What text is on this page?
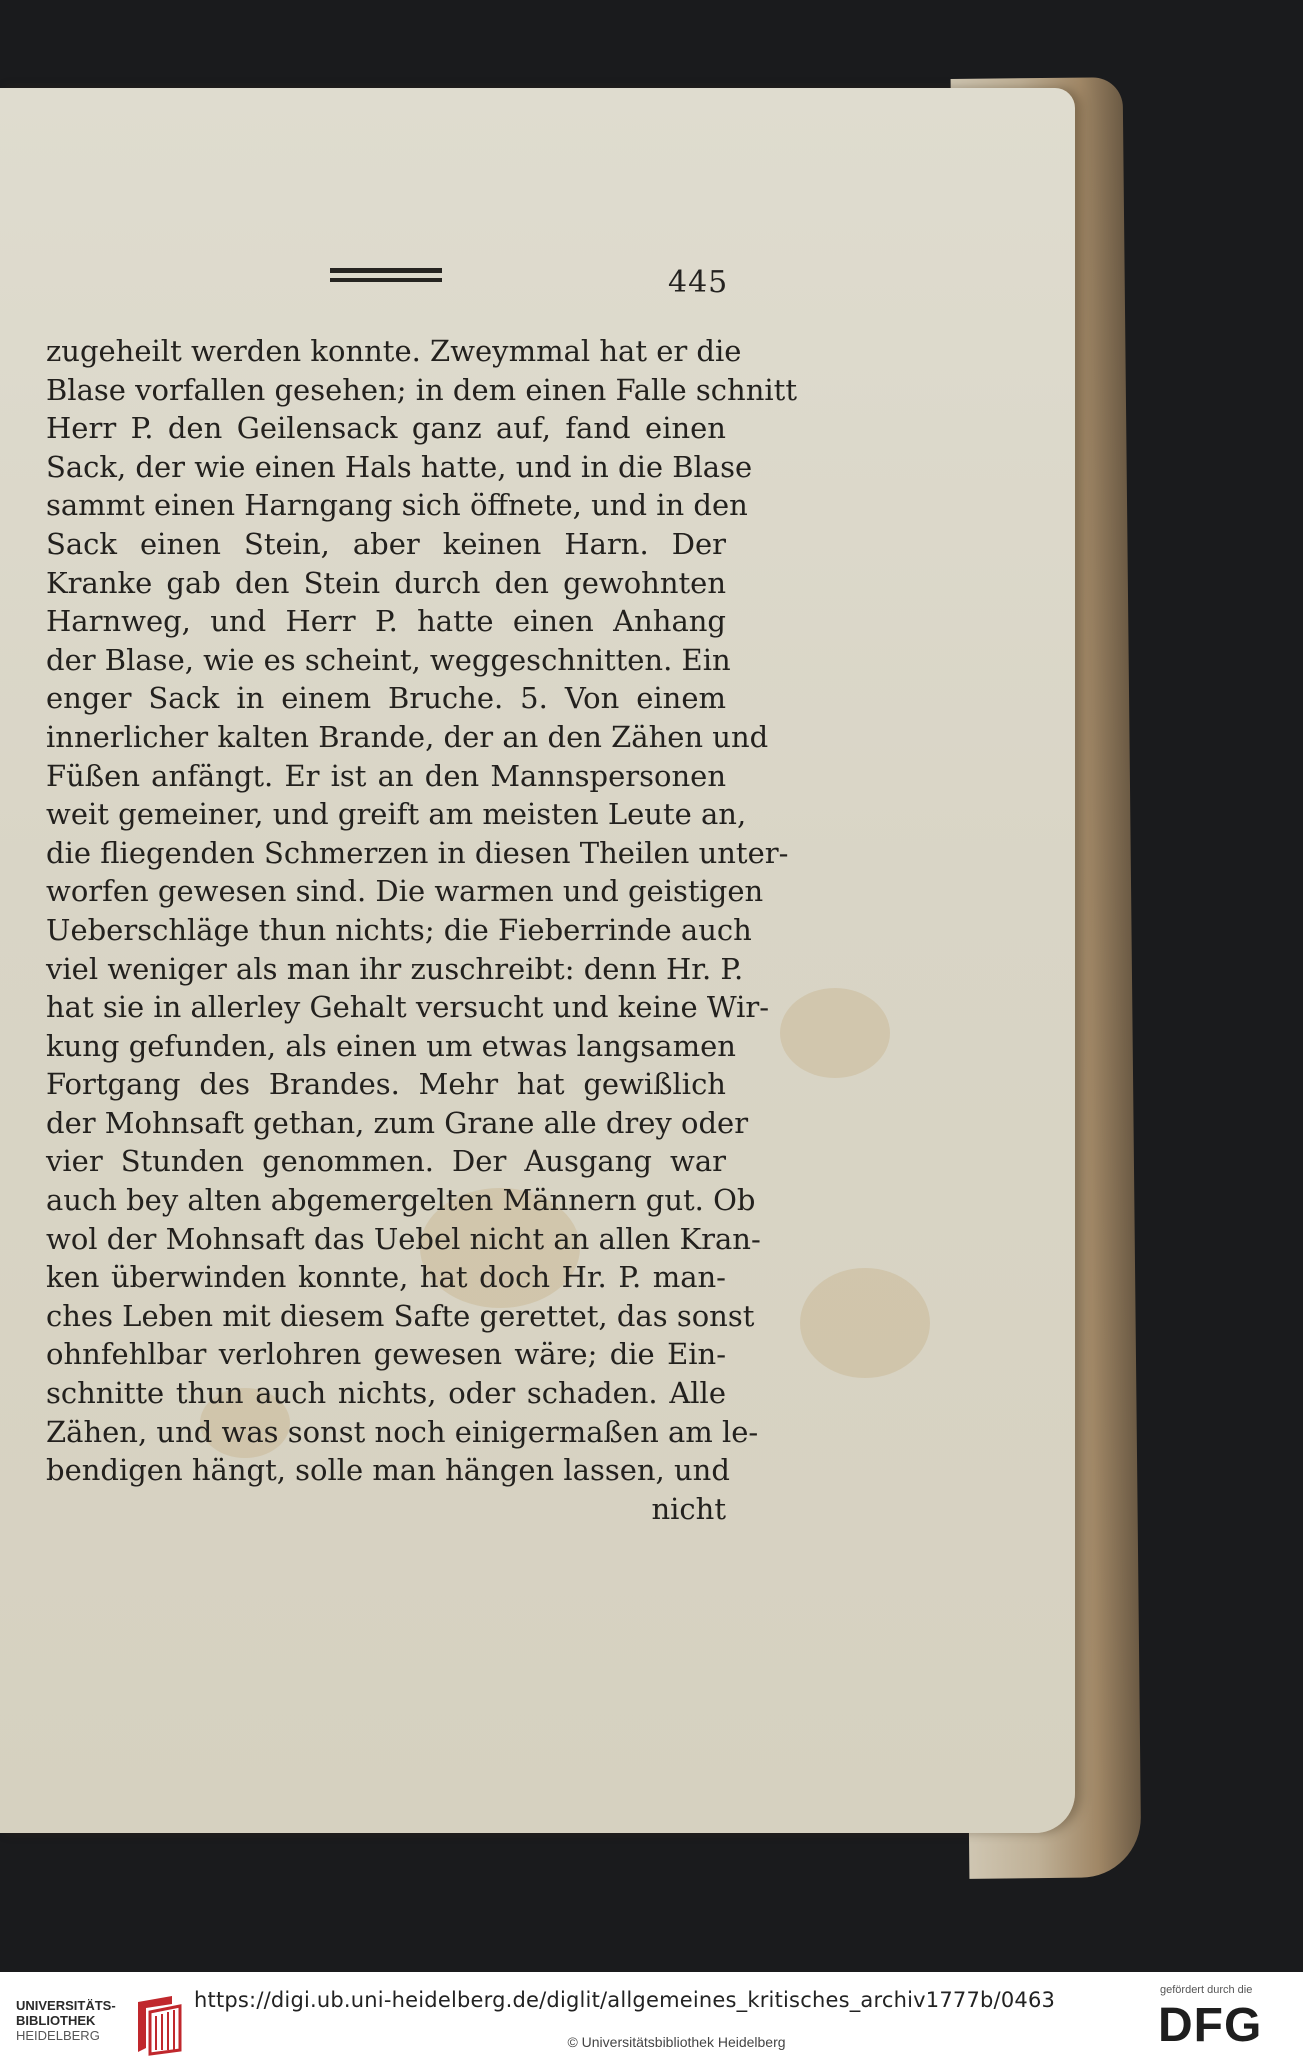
445
zugeheilt werden konnte. Zweymmal hat er die
Blase vorfallen gesehen; in dem einen Falle schnitt
Herr P. den Geilensack ganz auf, fand einen
Sack, der wie einen Hals hatte, und in die Blase
sammt einen Harngang sich öffnete, und in den
Sack einen Stein, aber keinen Harn. Der
Kranke gab den Stein durch den gewohnten
Harnweg, und Herr P. hatte einen Anhang
der Blase, wie es scheint, weggeschnitten. Ein
enger Sack in einem Bruche. 5. Von einem
innerlicher kalten Brande, der an den Zähen und
Füßen anfängt. Er ist an den Mannspersonen
weit gemeiner, und greift am meisten Leute an,
die fliegenden Schmerzen in diesen Theilen unter-
worfen gewesen sind. Die warmen und geistigen
Ueberschläge thun nichts; die Fieberrinde auch
viel weniger als man ihr zuschreibt: denn Hr. P.
hat sie in allerley Gehalt versucht und keine Wir-
kung gefunden, als einen um etwas langsamen
Fortgang des Brandes. Mehr hat gewißlich
der Mohnsaft gethan, zum Grane alle drey oder
vier Stunden genommen. Der Ausgang war
auch bey alten abgemergelten Männern gut. Ob
wol der Mohnsaft das Uebel nicht an allen Kran-
ken überwinden konnte, hat doch Hr. P. man-
ches Leben mit diesem Safte gerettet, das sonst
ohnfehlbar verlohren gewesen wäre; die Ein-
schnitte thun auch nichts, oder schaden. Alle
Zähen, und was sonst noch einigermaßen am le-
bendigen hängt, solle man hängen lassen, und
nicht
UNIVERSITÄTS-
BIBLIOTHEK
HEIDELBERG
https://digi.ub.uni-heidelberg.de/diglit/allgemeines_kritisches_archiv1777b/0463
© Universitätsbibliothek Heidelberg
gefördert durch die
DFG
